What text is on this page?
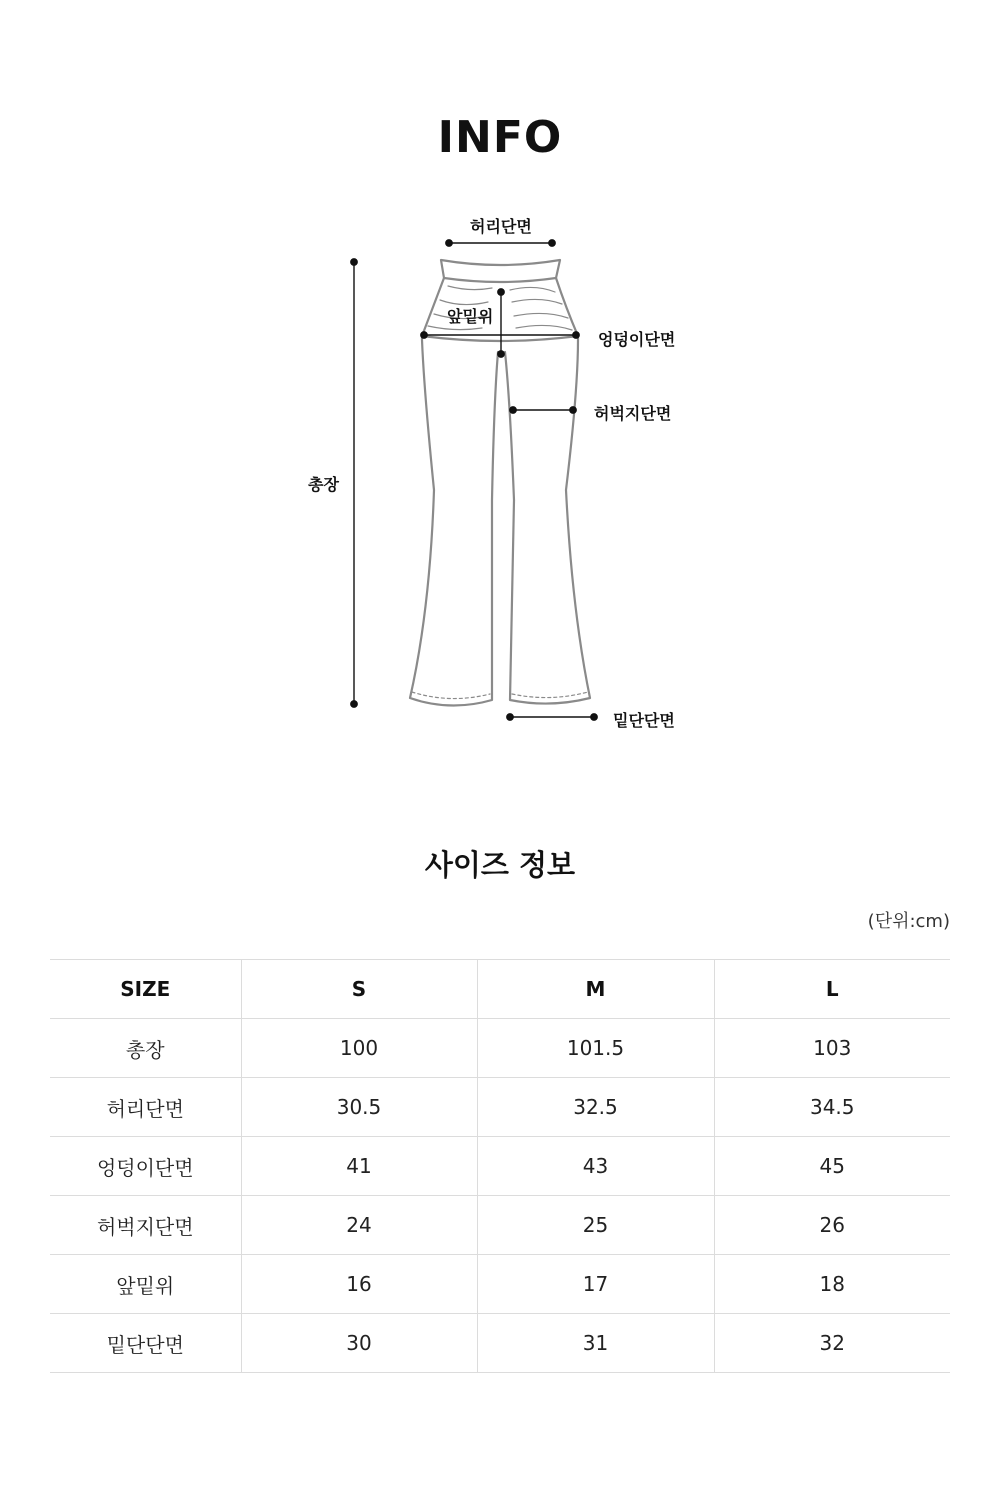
INFO
허리단면
앞밑위
엉덩이단면
허벅지단면
총장
밑단단면
사이즈 정보
(단위:cm)
SIZE	S	M	L
총장	100	101.5	103
허리단면	30.5	32.5	34.5
엉덩이단면	41	43	45
허벅지단면	24	25	26
앞밑위	16	17	18
밑단단면	30	31	32
